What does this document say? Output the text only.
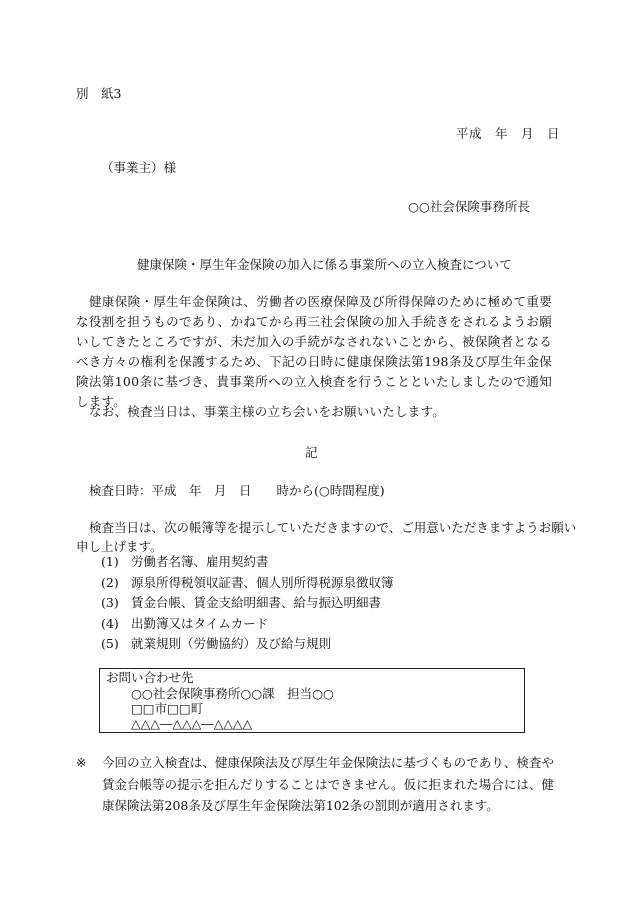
別　紙3
平成　年　月　日
（事業主）様
○○社会保険事務所長
健康保険・厚生年金保険の加入に係る事業所への立入検査について
健康保険・厚生年金保険は、労働者の医療保障及び所得保障のために極めて重要な役割を担うものであり、かねてから再三社会保険の加入手続きをされるようお願いしてきたところですが、未だ加入の手続がなされないことから、被保険者となるべき方々の権利を保護するため、下記の日時に健康保険法第198条及び厚生年金保険法第100条に基づき、貴事業所への立入検査を行うことといたしましたので通知します。
なお、検査当日は、事業主様の立ち会いをお願いいたします。
記
検査日時：平成　年　月　日　　時から(○時間程度)
検査当日は、次の帳簿等を提示していただきますので、ご用意いただきますようお願い
申し上げます。
(1) 労働者名簿、雇用契約書
(2) 源泉所得税領収証書、個人別所得税源泉徴収簿
(3) 賃金台帳、賃金支給明細書、給与振込明細書
(4) 出勤簿又はタイムカード
(5) 就業規則（労働協約）及び給与規則
お問い合わせ先
○○社会保険事務所○○課　担当○○
□□市□□町
△△△―△△△―△△△△
※ 今回の立入検査は、健康保険法及び厚生年金保険法に基づくものであり、検査や賃金台帳等の提示を拒んだりすることはできません。仮に拒まれた場合には、健康保険法第208条及び厚生年金保険法第102条の罰則が適用されます。
